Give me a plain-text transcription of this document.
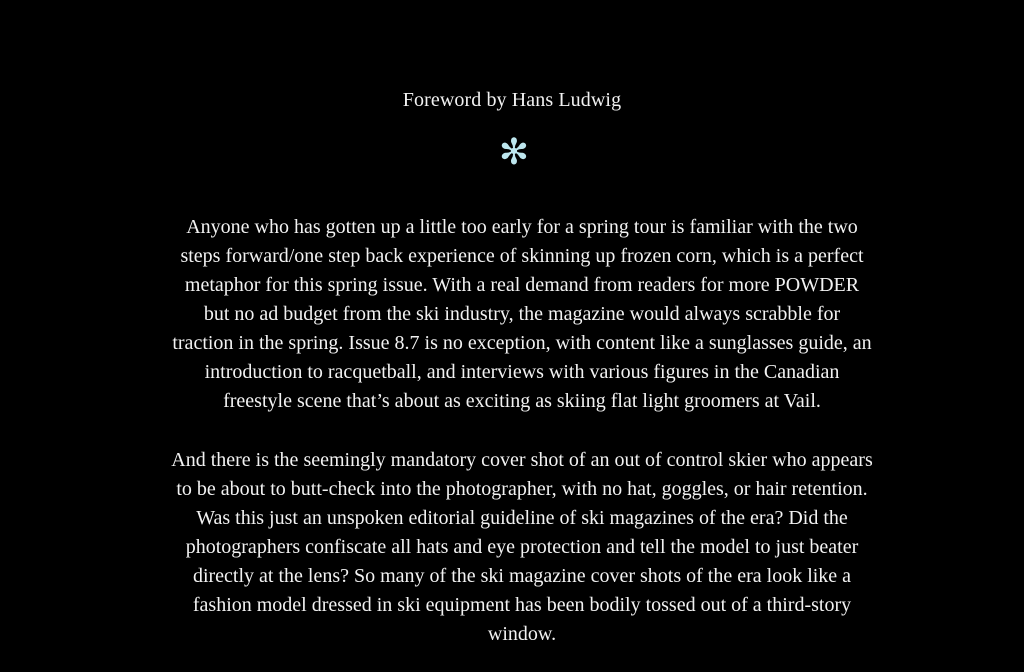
Foreword by Hans Ludwig
✻

Anyone who has gotten up a little too early for a spring tour is familiar with the two
steps forward/one step back experience of skinning up frozen corn, which is a perfect
metaphor for this spring issue. With a real demand from readers for more POWDER
but no ad budget from the ski industry, the magazine would always scrabble for
traction in the spring. Issue 8.7 is no exception, with content like a sunglasses guide, an
introduction to racquetball, and interviews with various figures in the Canadian
freestyle scene that’s about as exciting as skiing flat light groomers at Vail.

And there is the seemingly mandatory cover shot of an out of control skier who appears
to be about to butt-check into the photographer, with no hat, goggles, or hair retention.
Was this just an unspoken editorial guideline of ski magazines of the era? Did the
photographers confiscate all hats and eye protection and tell the model to just beater
directly at the lens? So many of the ski magazine cover shots of the era look like a
fashion model dressed in ski equipment has been bodily tossed out of a third-story
window.
